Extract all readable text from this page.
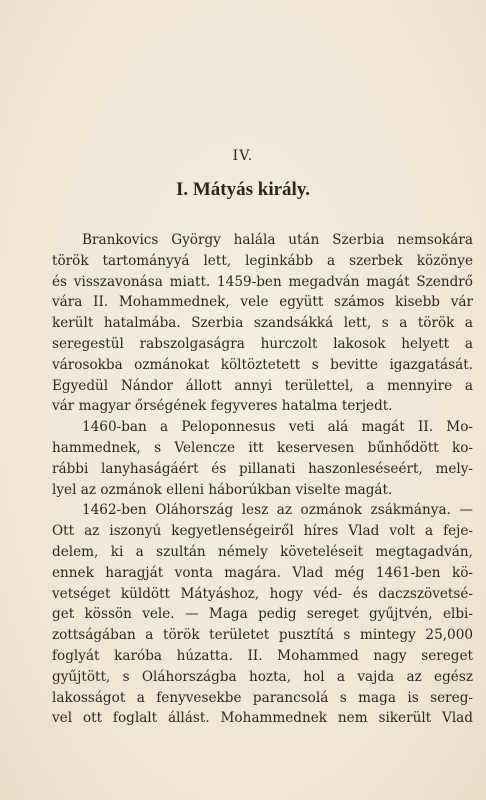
IV.
I. Mátyás király.
Brankovics György halála után Szerbia nemsokára
török tartományyá lett, leginkább a szerbek közönye
és visszavonása miatt. 1459-ben megadván magát Szendrő
vára II. Mohammednek, vele együtt számos kisebb vár
került hatalmába. Szerbia szandsákká lett, s a török a
seregestül rabszolgaságra hurczolt lakosok helyett a
városokba ozmánokat költöztetett s bevitte igazgatását.
Egyedül Nándor állott annyi területtel, a mennyire a
vár magyar őrségének fegyveres hatalma terjedt.
1460-ban a Peloponnesus veti alá magát II. Mo-
hammednek, s Velencze itt keservesen bűnhődött ko-
rábbi lanyhaságáért és pillanati haszonleséseért, mely-
lyel az ozmánok elleni háborúkban viselte magát.
1462-ben Oláhország lesz az ozmánok zsákmánya. —
Ott az iszonyú kegyetlenségeiről híres Vlad volt a feje-
delem, ki a szultán némely követeléseit megtagadván,
ennek haragját vonta magára. Vlad még 1461-ben kö-
vetséget küldött Mátyáshoz, hogy véd- és daczszövetsé-
get kössön vele. — Maga pedig sereget gyűjtvén, elbi-
zottságában a török területet pusztítá s mintegy 25,000
foglyát karóba húzatta. II. Mohammed nagy sereget
gyűjtött, s Oláhországba hozta, hol a vajda az egész
lakosságot a fenyvesekbe parancsolá s maga is sereg-
vel ott foglalt állást. Mohammednek nem sikerült Vlad
